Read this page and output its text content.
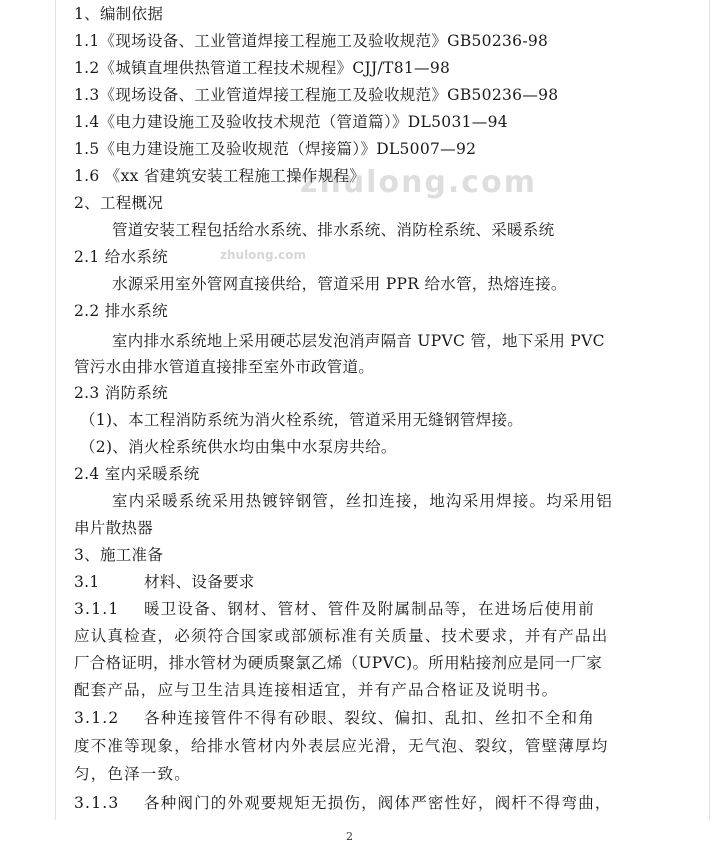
zhulong.com
zhulong.com
1、编制依据
1.1《现场设备、工业管道焊接工程施工及验收规范》GB50236-98
1.2《城镇直埋供热管道工程技术规程》CJJ/T81—98
1.3《现场设备、工业管道焊接工程施工及验收规范》GB50236—98
1.4《电力建设施工及验收技术规范（管道篇）》DL5031—94
1.5《电力建设施工及验收规范（焊接篇）》DL5007—92
1.6 《xx 省建筑安装工程施工操作规程》
2、工程概况
管道安装工程包括给水系统、排水系统、消防栓系统、采暖系统
2.1 给水系统
水源采用室外管网直接供给，管道采用 PPR 给水管，热熔连接。
2.2 排水系统
室内排水系统地上采用硬芯层发泡消声隔音 UPVC 管，地下采用 PVC
管污水由排水管道直接排至室外市政管道。
2.3 消防系统
（1)、本工程消防系统为消火栓系统，管道采用无缝钢管焊接。
（2)、消火栓系统供水均由集中水泵房共给。
2.4 室内采暖系统
室内采暖系统采用热镀锌钢管，丝扣连接，地沟采用焊接。均采用铝
串片散热器
3、施工准备
3.1	材料、设备要求
3.1.1 暖卫设备、钢材、管材、管件及附属制品等，在进场后使用前
应认真检查，必须符合国家或部颁标准有关质量、技术要求，并有产品出
厂合格证明，排水管材为硬质聚氯乙烯（UPVC)。所用粘接剂应是同一厂家
配套产品，应与卫生洁具连接相适宜，并有产品合格证及说明书。
3.1.2 各种连接管件不得有砂眼、裂纹、偏扣、乱扣、丝扣不全和角
度不准等现象，给排水管材内外表层应光滑，无气泡、裂纹，管壁薄厚均
匀，色泽一致。
3.1.3 各种阀门的外观要规矩无损伤，阀体严密性好，阀杆不得弯曲，
2
